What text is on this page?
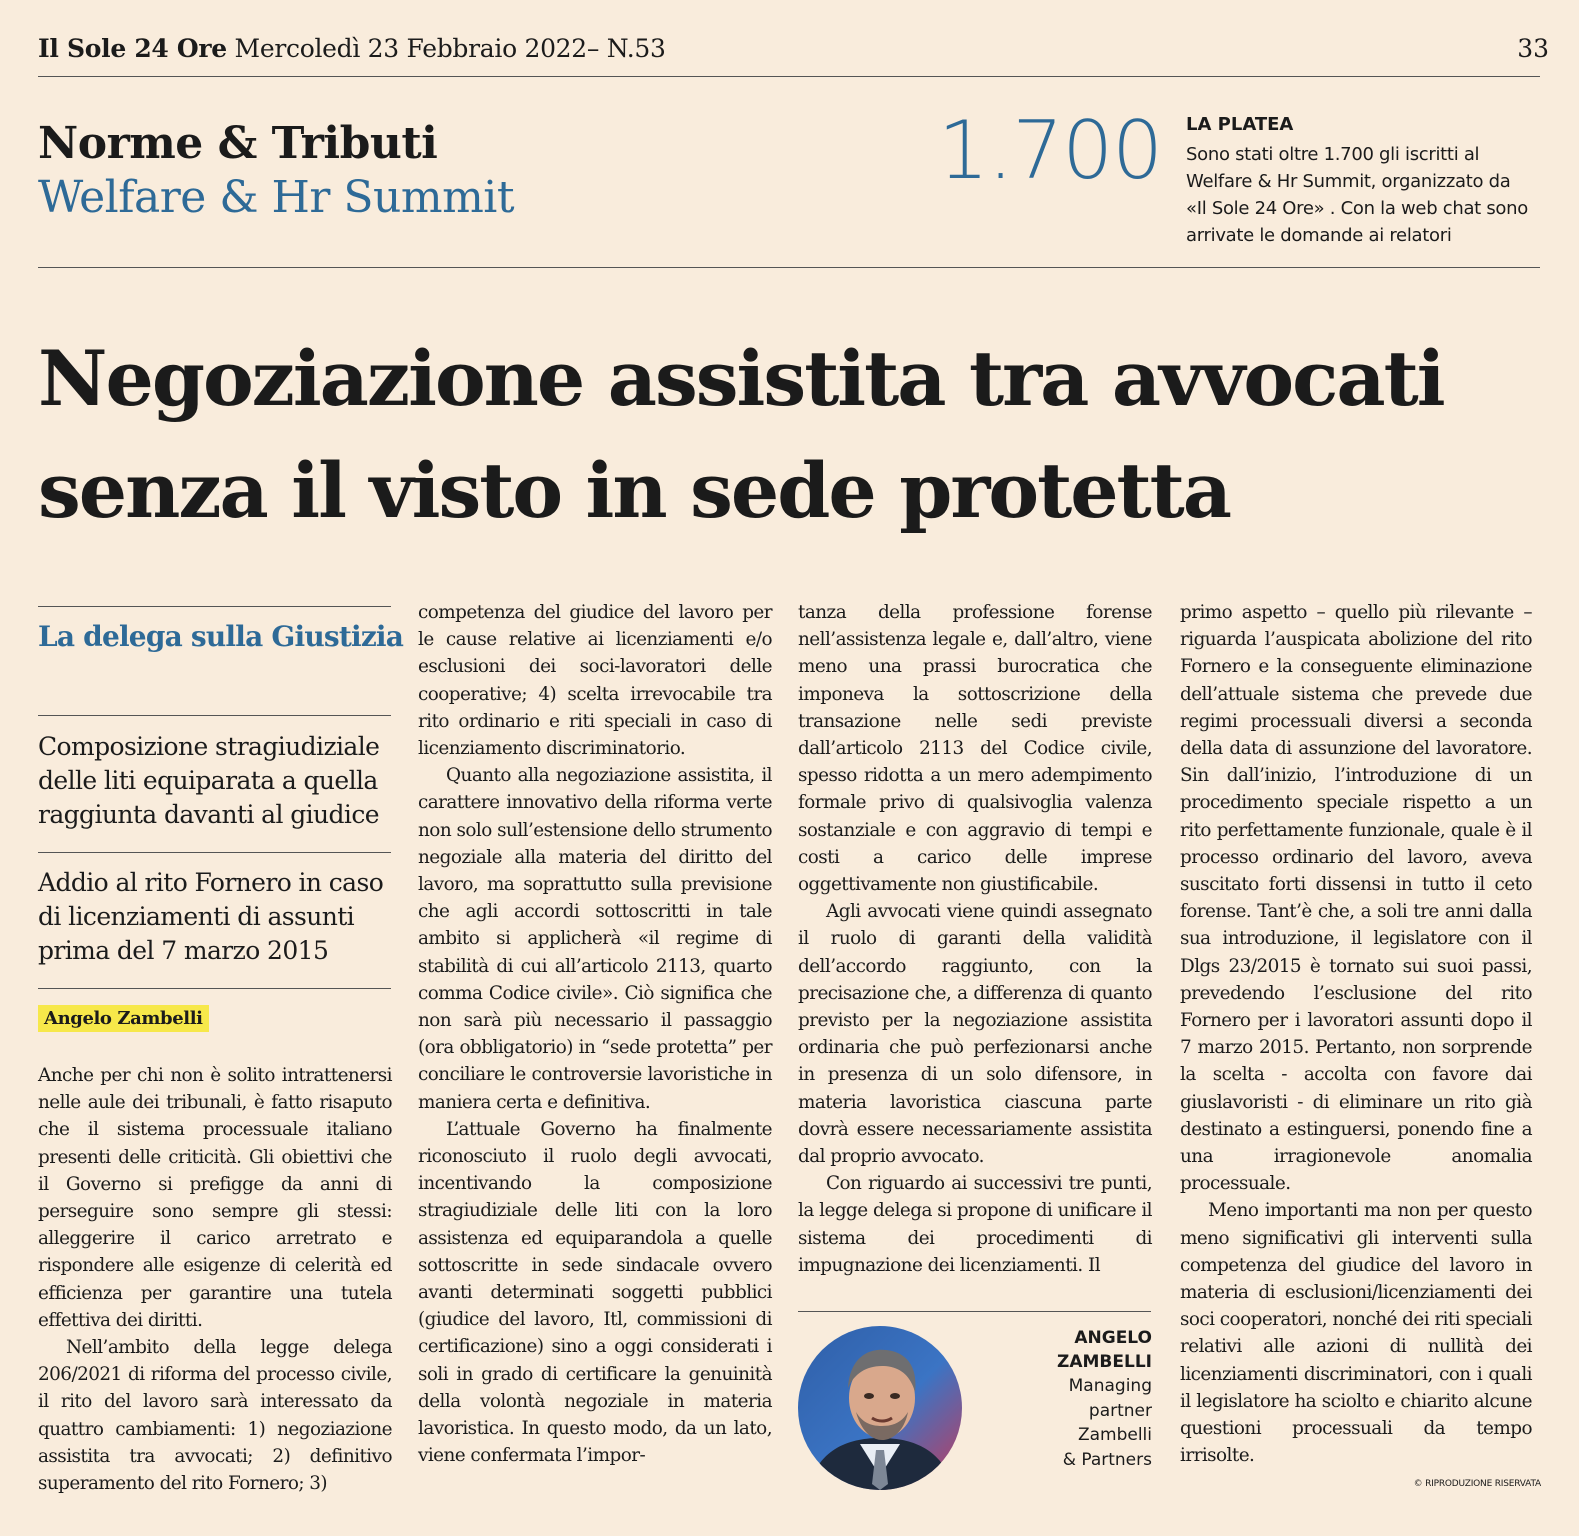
Il Sole 24 Ore Mercoledì 23 Febbraio 2022– N.53	33
Norme & Tributi
Welfare & Hr Summit
1.700 LA PLATEA
Sono stati oltre 1.700 gli iscritti al Welfare & Hr Summit, organizzato da «Il Sole 24 Ore» . Con la web chat sono arrivate le domande ai relatori
Negoziazione assistita tra avvocati
senza il visto in sede protetta
La delega sulla Giustizia
Composizione stragiudiziale delle liti equiparata a quella raggiunta davanti al giudice
Addio al rito Fornero in caso di licenziamenti di assunti prima del 7 marzo 2015
Angelo Zambelli

Anche per chi non è solito intrattenersi nelle aule dei tribunali, è fatto risaputo che il sistema processuale italiano presenti delle criticità. Gli obiettivi che il Governo si prefigge da anni di perseguire sono sempre gli stessi: alleggerire il carico arretrato e rispondere alle esigenze di celerità ed efficienza per garantire una tutela effettiva dei diritti.

Nell’ambito della legge delega 206/2021 di riforma del processo civile, il rito del lavoro sarà interessato da quattro cambiamenti: 1) negoziazione assistita tra avvocati; 2) definitivo superamento del rito Fornero; 3)

competenza del giudice del lavoro per le cause relative ai licenziamenti e/o esclusioni dei soci-lavoratori delle cooperative; 4) scelta irrevocabile tra rito ordinario e riti speciali in caso di licenziamento discriminatorio.

Quanto alla negoziazione assistita, il carattere innovativo della riforma verte non solo sull’estensione dello strumento negoziale alla materia del diritto del lavoro, ma soprattutto sulla previsione che agli accordi sottoscritti in tale ambito si applicherà «il regime di stabilità di cui all’articolo 2113, quarto comma Codice civile». Ciò significa che non sarà più necessario il passaggio (ora obbligatorio) in “sede protetta” per conciliare le controversie lavoristiche in maniera certa e definitiva.

L’attuale Governo ha finalmente riconosciuto il ruolo degli avvocati, incentivando la composizione stragiudiziale delle liti con la loro assistenza ed equiparandola a quelle sottoscritte in sede sindacale ovvero avanti determinati soggetti pubblici (giudice del lavoro, Itl, commissioni di certificazione) sino a oggi considerati i soli in grado di certificare la genuinità della volontà negoziale in materia lavoristica. In questo modo, da un lato, viene confermata l’impor-

tanza della professione forense nell’assistenza legale e, dall’altro, viene meno una prassi burocratica che imponeva la sottoscrizione della transazione nelle sedi previste dall’articolo 2113 del Codice civile, spesso ridotta a un mero adempimento formale privo di qualsivoglia valenza sostanziale e con aggravio di tempi e costi a carico delle imprese oggettivamente non giustificabile.

Agli avvocati viene quindi assegnato il ruolo di garanti della validità dell’accordo raggiunto, con la precisazione che, a differenza di quanto previsto per la negoziazione assistita ordinaria che può perfezionarsi anche in presenza di un solo difensore, in materia lavoristica ciascuna parte dovrà essere necessariamente assistita dal proprio avvocato.

Con riguardo ai successivi tre punti, la legge delega si propone di unificare il sistema dei procedimenti di impugnazione dei licenziamenti. Il

primo aspetto – quello più rilevante – riguarda l’auspicata abolizione del rito Fornero e la conseguente eliminazione dell’attuale sistema che prevede due regimi processuali diversi a seconda della data di assunzione del lavoratore. Sin dall’inizio, l’introduzione di un procedimento speciale rispetto a un rito perfettamente funzionale, quale è il processo ordinario del lavoro, aveva suscitato forti dissensi in tutto il ceto forense. Tant’è che, a soli tre anni dalla sua introduzione, il legislatore con il Dlgs 23/2015 è tornato sui suoi passi, prevedendo l’esclusione del rito Fornero per i lavoratori assunti dopo il 7 marzo 2015. Pertanto, non sorprende la scelta - accolta con favore dai giuslavoristi - di eliminare un rito già destinato a estinguersi, ponendo fine a una irragionevole anomalia processuale.

Meno importanti ma non per questo meno significativi gli interventi sulla competenza del giudice del lavoro in materia di esclusioni/licenziamenti dei soci cooperatori, nonché dei riti speciali relativi alle azioni di nullità dei licenziamenti discriminatori, con i quali il legislatore ha sciolto e chiarito alcune questioni processuali da tempo irrisolte.

ANGELO
ZAMBELLI
Managing
partner
Zambelli
& Partners
© RIPRODUZIONE RISERVATA
